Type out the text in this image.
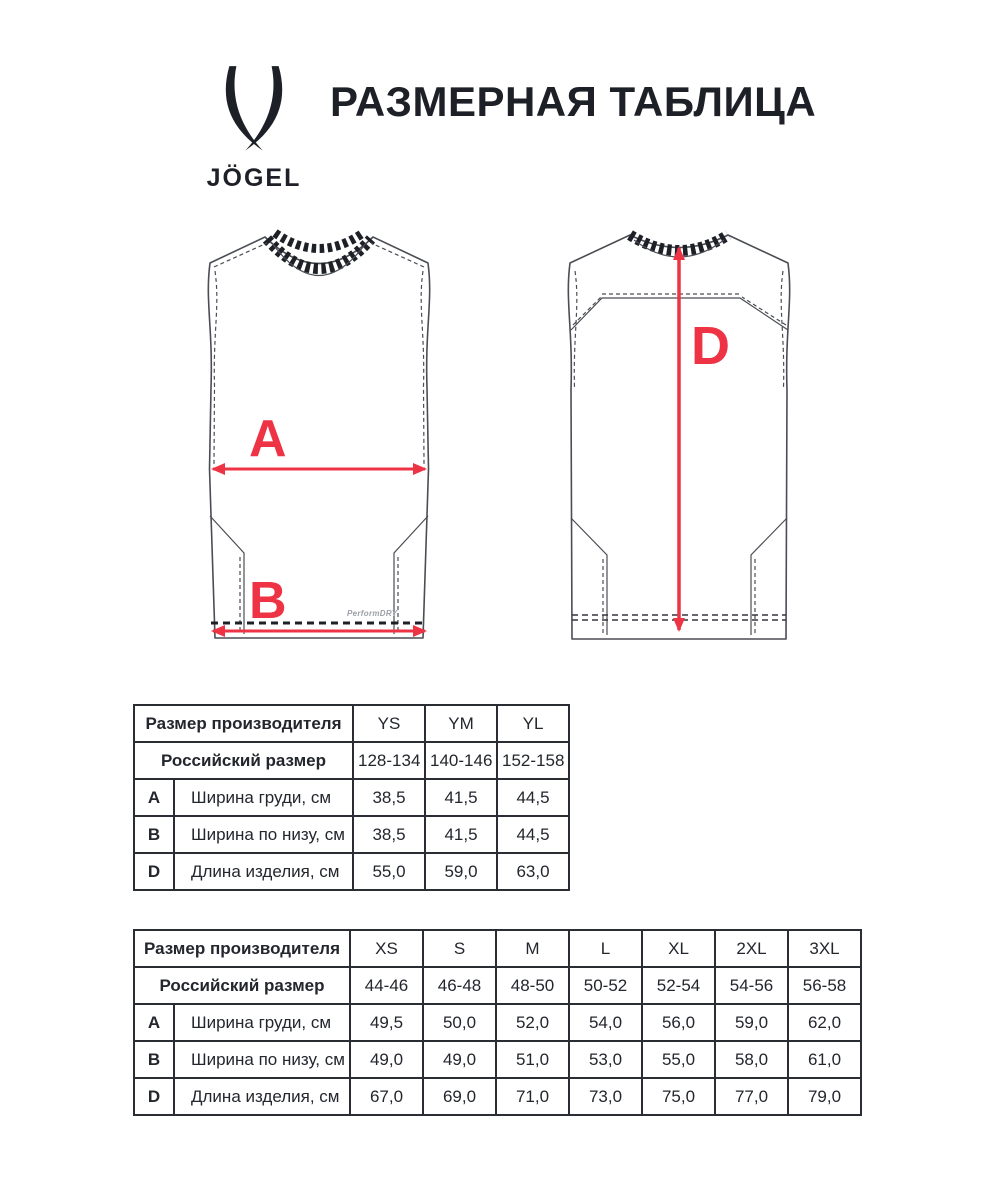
JÖGEL
РАЗМЕРНАЯ ТАБЛИЦА
PerformDRY
A
B
D
Размер производителя		YS	YM	YL
Российский размер		128-134	140-146	152-158
A	Ширина груди, см	38,5	41,5	44,5
B	Ширина по низу, см	38,5	41,5	44,5
D	Длина изделия, см	55,0	59,0	63,0
Размер производителя		XS	S	M	L	XL	2XL	3XL
Российский размер		44-46	46-48	48-50	50-52	52-54	54-56	56-58
A	Ширина груди, см	49,5	50,0	52,0	54,0	56,0	59,0	62,0
B	Ширина по низу, см	49,0	49,0	51,0	53,0	55,0	58,0	61,0
D	Длина изделия, см	67,0	69,0	71,0	73,0	75,0	77,0	79,0
